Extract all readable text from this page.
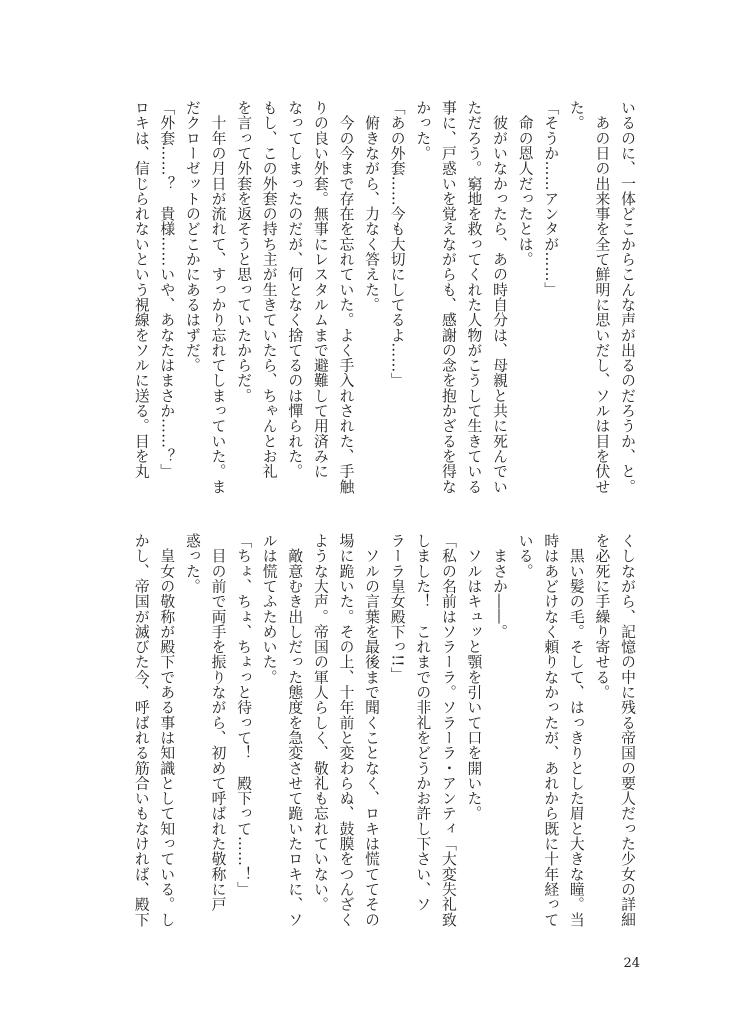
いるのに、一体どこからこんな声が出るのだろうか、と。

　あの日の出来事を全て鮮明に思いだし、ソルは目を伏せ

た。

「そうか……アンタが……」

　命の恩人だったとは。

　彼がいなかったら、あの時自分は、母親と共に死んでい

ただろう。窮地を救ってくれた人物がこうして生きている

事に、戸惑いを覚えながらも、感謝の念を抱かざるを得な

かった。

「あの外套……今も大切にしてるよ……」

　俯きながら、力なく答えた。

　今の今まで存在を忘れていた。よく手入れされた、手触

りの良い外套。無事にレスタルムまで避難して用済みに

なってしまったのだが、何となく捨てるのは憚られた。

もし、この外套の持ち主が生きていたら、ちゃんとお礼

を言って外套を返そうと思っていたからだ。

　十年の月日が流れて、すっかり忘れてしまっていた。ま

だクローゼットのどこかにあるはずだ。

「外套……？　貴様……いや、あなたはまさか……？」

ロキは、信じられないという視線をソルに送る。目を丸

くしながら、記憶の中に残る帝国の要人だった少女の詳細

を必死に手繰り寄せる。

　黒い髪の毛。そして、はっきりとした眉と大きな瞳。当

時はあどけなく頼りなかったが、あれから既に十年経って

いる。

　まさか――。

　ソルはキュッと顎を引いて口を開いた。

「私の名前はソラーラ。ソラーラ・アンティ「大変失礼致

しました！　これまでの非礼をどうかお許し下さい、ソ

ラーラ皇女殿下っ!!」

　ソルの言葉を最後まで聞くことなく、ロキは慌ててその

場に跪いた。その上、十年前と変わらぬ、鼓膜をつんざく

ような大声。帝国の軍人らしく、敬礼も忘れていない。

　敵意むき出しだった態度を急変させて跪いたロキに、ソ

ルは慌てふためいた。

「ちょ、ちょ、ちょっと待って！　殿下って……！」

　目の前で両手を振りながら、初めて呼ばれた敬称に戸

惑った。

　皇女の敬称が殿下である事は知識として知っている。し

かし、帝国が滅びた今、呼ばれる筋合いもなければ、殿下

24
